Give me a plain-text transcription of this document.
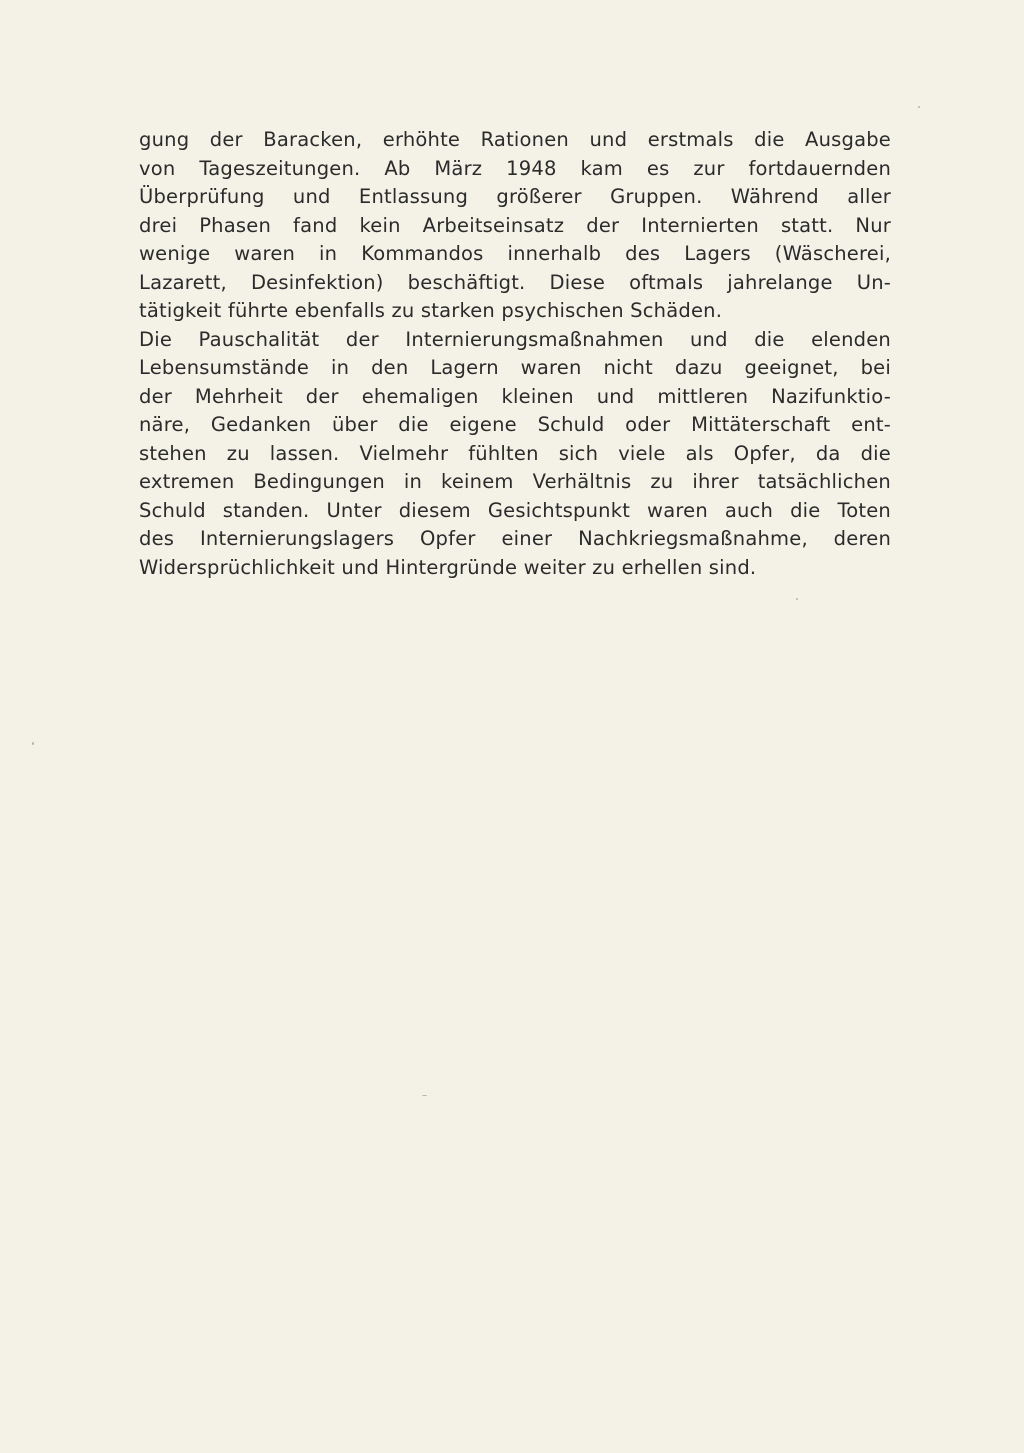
gung der Baracken, erhöhte Rationen und erstmals die Ausgabe
von Tageszeitungen. Ab März 1948 kam es zur fortdauernden
Überprüfung und Entlassung größerer Gruppen. Während aller
drei Phasen fand kein Arbeitseinsatz der Internierten statt. Nur
wenige waren in Kommandos innerhalb des Lagers (Wäscherei,
Lazarett, Desinfektion) beschäftigt. Diese oftmals jahrelange Un-
tätigkeit führte ebenfalls zu starken psychischen Schäden.
Die Pauschalität der Internierungsmaßnahmen und die elenden
Lebensumstände in den Lagern waren nicht dazu geeignet, bei
der Mehrheit der ehemaligen kleinen und mittleren Nazifunktio-
näre, Gedanken über die eigene Schuld oder Mittäterschaft ent-
stehen zu lassen. Vielmehr fühlten sich viele als Opfer, da die
extremen Bedingungen in keinem Verhältnis zu ihrer tatsächlichen
Schuld standen. Unter diesem Gesichtspunkt waren auch die Toten
des Internierungslagers Opfer einer Nachkriegsmaßnahme, deren
Widersprüchlichkeit und Hintergründe weiter zu erhellen sind.
